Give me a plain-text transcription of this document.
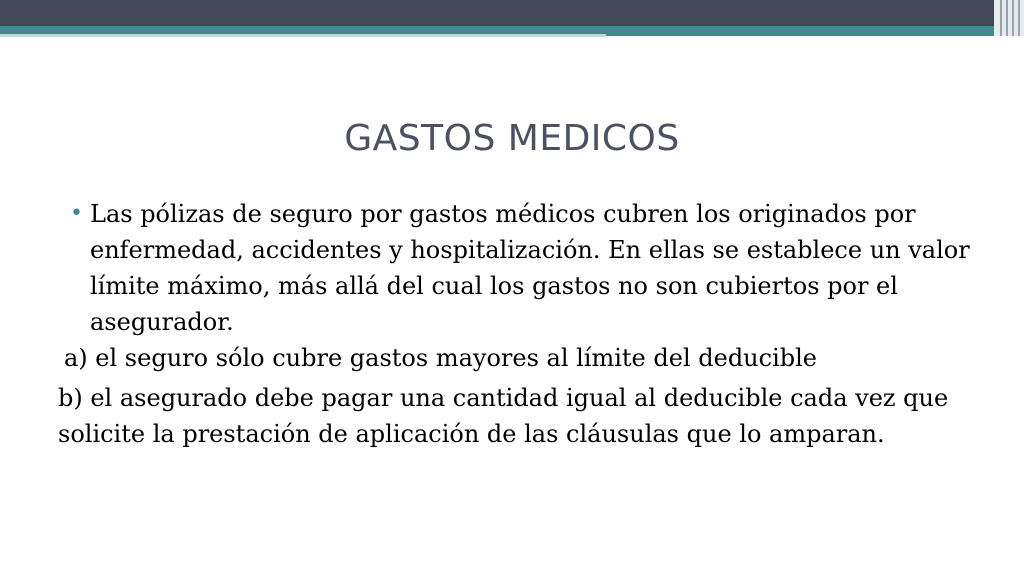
GASTOS MEDICOS
• Las pólizas de seguro por gastos médicos cubren los originados por enfermedad, accidentes y hospitalización. En ellas se establece un valor límite máximo, más allá del cual los gastos no son cubiertos por el asegurador.
a) el seguro sólo cubre gastos mayores al límite del deducible
b) el asegurado debe pagar una cantidad igual al deducible cada vez que solicite la prestación de aplicación de las cláusulas que lo amparan.
